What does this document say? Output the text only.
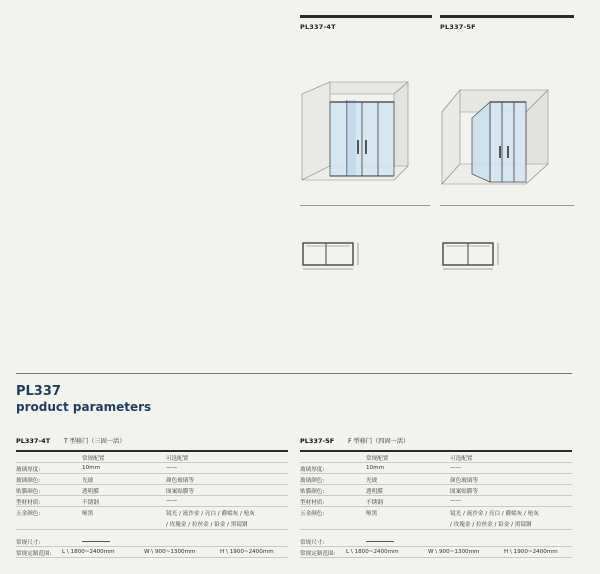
PL337-4T	PL337-5F
PL337
product parameters
PL337-4T	T 型移门（三固一活）
常规配置	可选配置
玻璃厚度:	10mm	——
玻璃颜色:	光玻	颜色玻璃等
贴膜颜色:	透明膜	图案贴膜等
型材材质:	不锈钢	——
五金颜色:	哑黑	镜光 / 流沙金 / 亮白 / 爵蛤灰 / 枪灰
/ 玫瑰金 / 拉丝金 / 铅金 / 黑镜钢
常规尺寸:
常规定制范围: L \ 1800~2400mm	W \ 900~1300mm	H \ 1900~2400mm
PL337-5F	F 型移门（四固一活）
常规配置	可选配置
玻璃厚度:	10mm	——
玻璃颜色:	光玻	颜色玻璃等
贴膜颜色:	透明膜	图案贴膜等
型材材质:	不锈钢	——
五金颜色:	哑黑	镜光 / 流沙金 / 亮白 / 爵蛤灰 / 枪灰
/ 玫瑰金 / 拉丝金 / 铅金 / 黑镜钢
常规尺寸:
常规定制范围: L \ 1800~2400mm	W \ 900~1300mm	H \ 1900~2400mm
